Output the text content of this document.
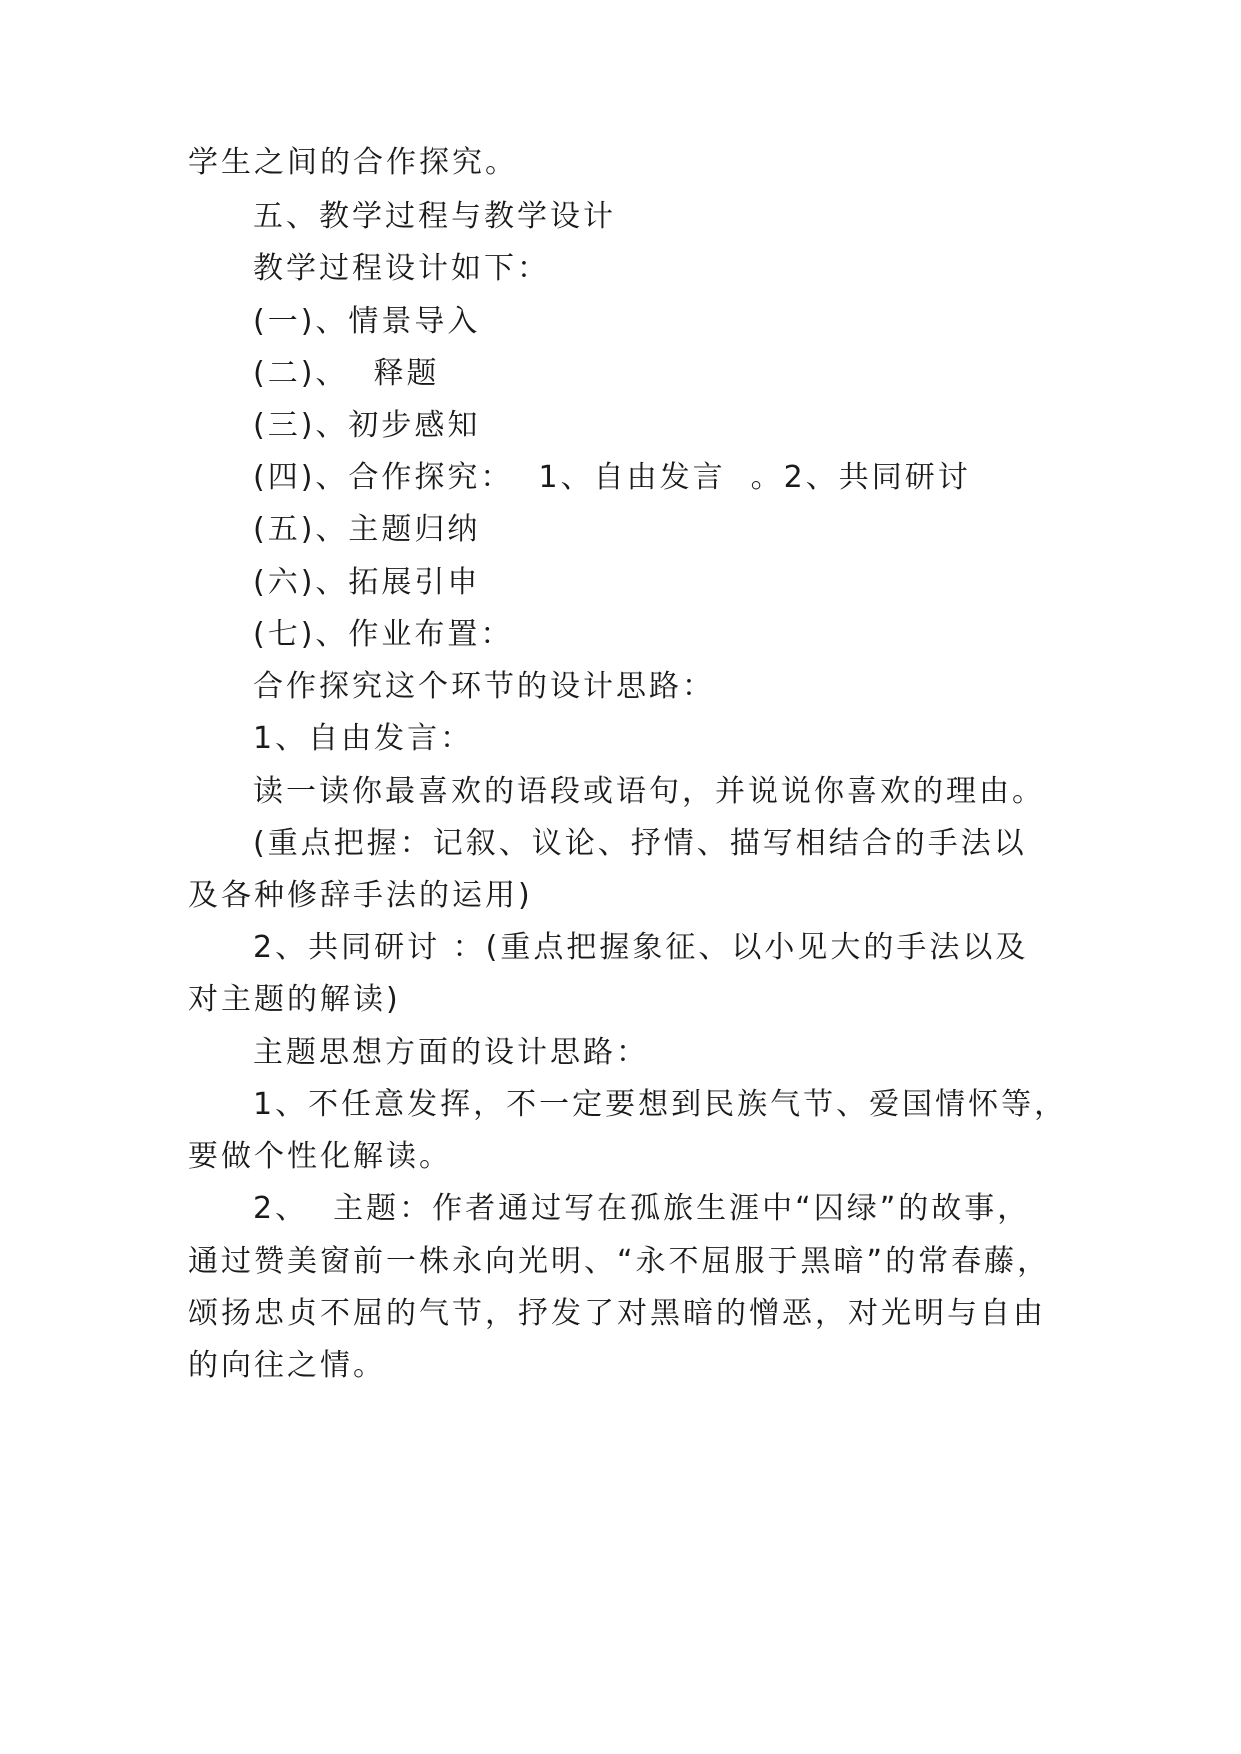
学生之间的合作探究。

五、教学过程与教学设计

教学过程设计如下：

(一)、情景导入

(二)、  释题

(三)、初步感知

(四)、合作探究：  1、自由发言  。2、共同研讨

(五)、主题归纳

(六)、拓展引申

(七)、作业布置：

合作探究这个环节的设计思路：

1、自由发言：

读一读你最喜欢的语段或语句，并说说你喜欢的理由。

(重点把握：记叙、议论、抒情、描写相结合的手法以

及各种修辞手法的运用)

2、共同研讨 ：(重点把握象征、以小见大的手法以及

对主题的解读)

主题思想方面的设计思路：

1、不任意发挥，不一定要想到民族气节、爱国情怀等，

要做个性化解读。

2、  主题：作者通过写在孤旅生涯中“囚绿”的故事，

通过赞美窗前一株永向光明、“永不屈服于黑暗”的常春藤，

颂扬忠贞不屈的气节，抒发了对黑暗的憎恶，对光明与自由

的向往之情。
